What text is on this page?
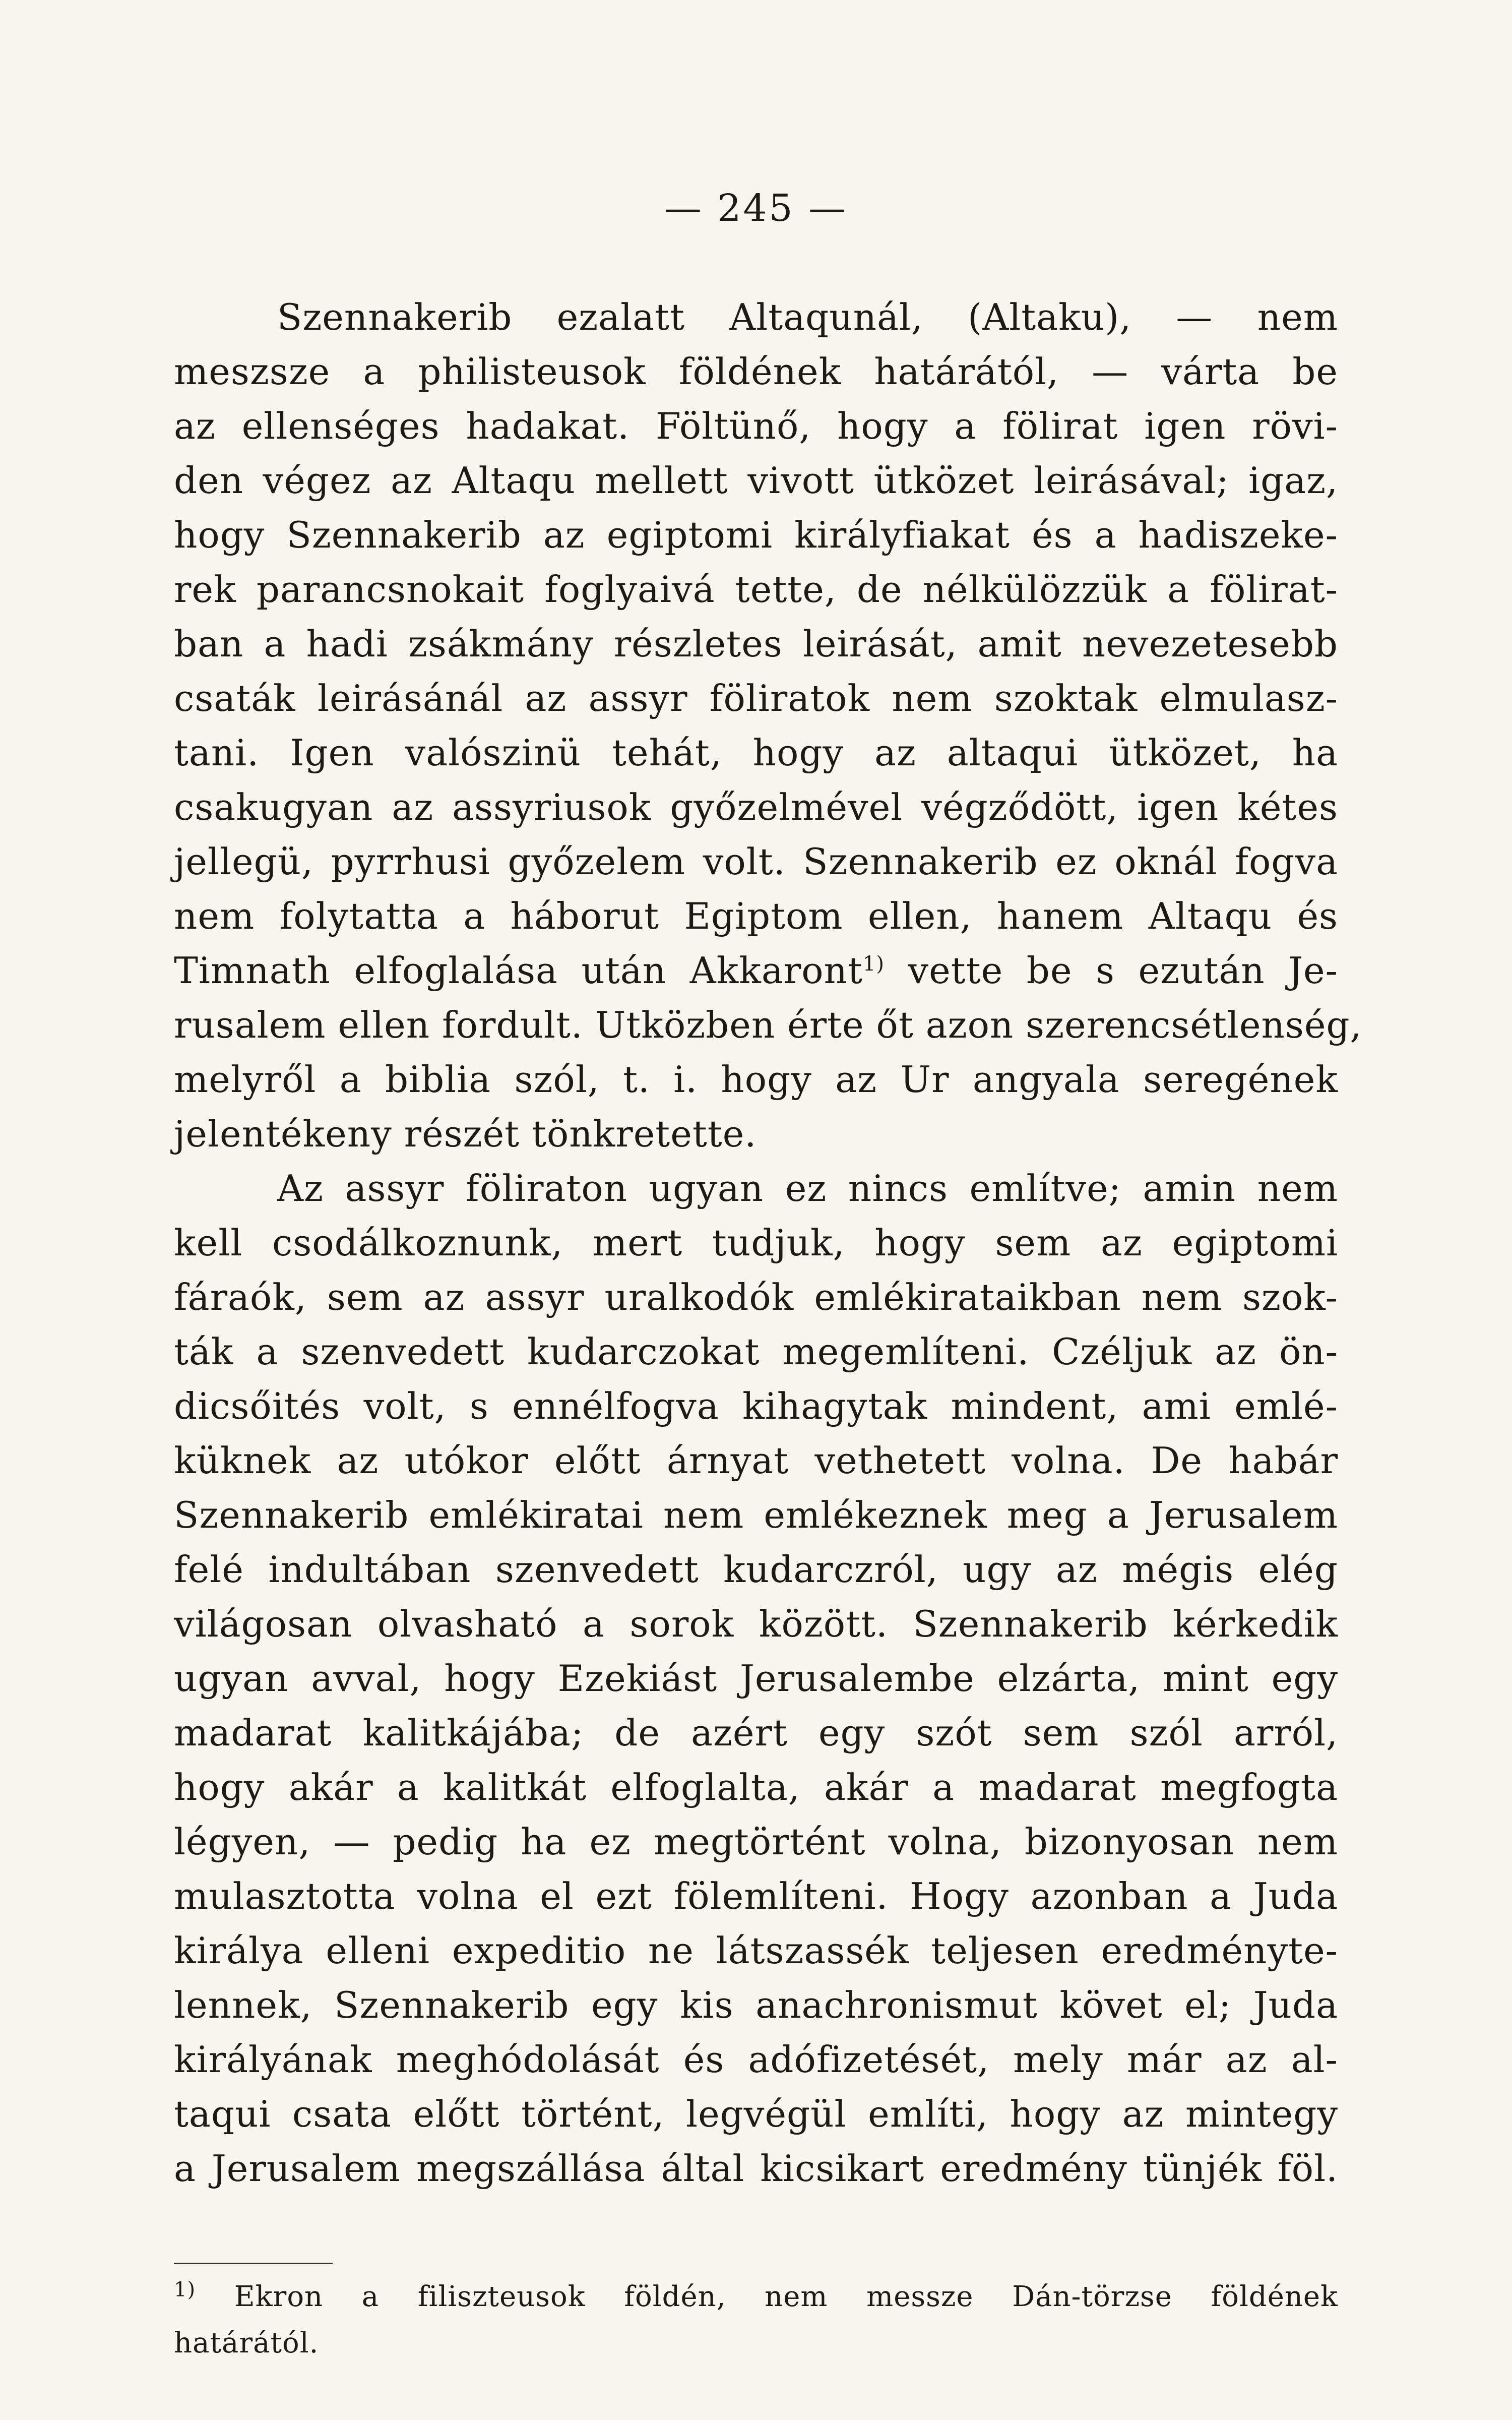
— 245 —
Szennakerib ezalatt Altaqunál, (Altaku), — nem
meszsze a philisteusok földének határától, — várta be
az ellenséges hadakat. Föltünő, hogy a fölirat igen rövi-
den végez az Altaqu mellett vivott ütközet leirásával; igaz,
hogy Szennakerib az egiptomi királyfiakat és a hadiszeke-
rek parancsnokait foglyaivá tette, de nélkülözzük a fölirat-
ban a hadi zsákmány részletes leirását, amit nevezetesebb
csaták leirásánál az assyr föliratok nem szoktak elmulasz-
tani. Igen valószinü tehát, hogy az altaqui ütközet, ha
csakugyan az assyriusok győzelmével végződött, igen kétes
jellegü, pyrrhusi győzelem volt. Szennakerib ez oknál fogva
nem folytatta a háborut Egiptom ellen, hanem Altaqu és
Timnath elfoglalása után Akkaront$^{1)}$ vette be s ezután Je-
rusalem ellen fordult. Utközben érte őt azon szerencsétlenség,
melyről a biblia szól, t. i. hogy az Ur angyala seregének
jelentékeny részét tönkretette.
Az assyr föliraton ugyan ez nincs említve; amin nem
kell csodálkoznunk, mert tudjuk, hogy sem az egiptomi
fáraók, sem az assyr uralkodók emlékirataikban nem szok-
ták a szenvedett kudarczokat megemlíteni. Czéljuk az ön-
dicsőités volt, s ennélfogva kihagytak mindent, ami emlé-
küknek az utókor előtt árnyat vethetett volna. De habár
Szennakerib emlékiratai nem emlékeznek meg a Jerusalem
felé indultában szenvedett kudarczról, ugy az mégis elég
világosan olvasható a sorok között. Szennakerib kérkedik
ugyan avval, hogy Ezekiást Jerusalembe elzárta, mint egy
madarat kalitkájába; de azért egy szót sem szól arról,
hogy akár a kalitkát elfoglalta, akár a madarat megfogta
légyen, — pedig ha ez megtörtént volna, bizonyosan nem
mulasztotta volna el ezt fölemlíteni. Hogy azonban a Juda
királya elleni expeditio ne látszassék teljesen eredményte-
lennek, Szennakerib egy kis anachronismut követ el; Juda
királyának meghódolását és adófizetését, mely már az al-
taqui csata előtt történt, legvégül említi, hogy az mintegy
a Jerusalem megszállása által kicsikart eredmény tünjék föl.
$^{1)}$ Ekron a filiszteusok földén, nem messze Dán-törzse földének
határától.
